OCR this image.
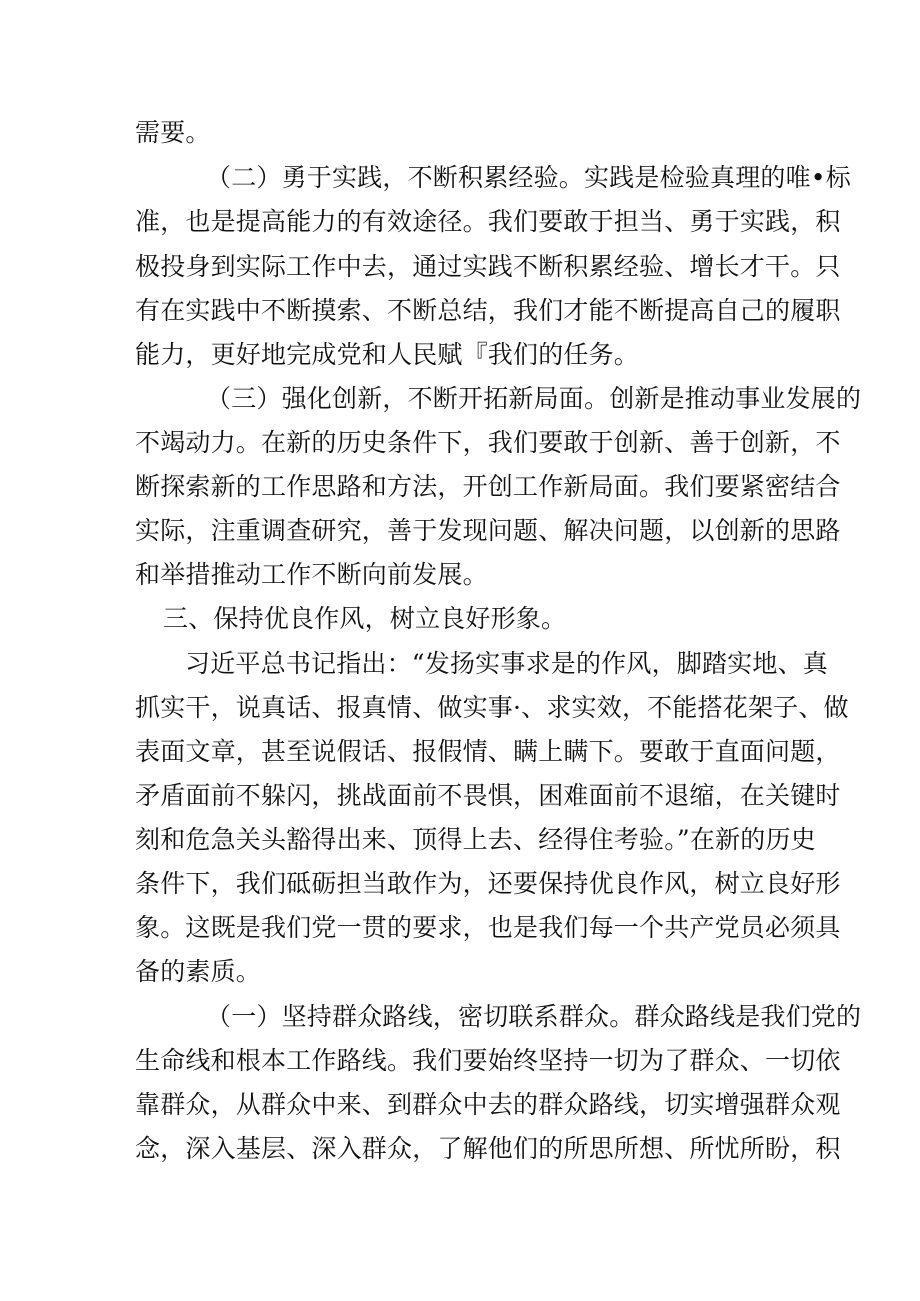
需要。

（二）勇于实践，不断积累经验。实践是检验真理的唯•标

准，也是提高能力的有效途径。我们要敢于担当、勇于实践，积

极投身到实际工作中去，通过实践不断积累经验、增长才干。只

有在实践中不断摸索、不断总结，我们才能不断提高自己的履职

能力，更好地完成党和人民赋『我们的任务。

（三）强化创新，不断开拓新局面。创新是推动事业发展的

不竭动力。在新的历史条件下，我们要敢于创新、善于创新，不

断探索新的工作思路和方法，开创工作新局面。我们要紧密结合

实际，注重调查研究，善于发现问题、解决问题，以创新的思路

和举措推动工作不断向前发展。

三、保持优良作风，树立良好形象。

习近平总书记指出：“发扬实事求是的作风，脚踏实地、真

抓实干，说真话、报真情、做实事·、求实效，不能搭花架子、做

表面文章，甚至说假话、报假情、瞒上瞒下。要敢于直面问题，

矛盾面前不躲闪，挑战面前不畏惧，困难面前不退缩，在关键时

刻和危急关头豁得出来、顶得上去、经得住考验。”在新的历史

条件下，我们砥砺担当敢作为，还要保持优良作风，树立良好形

象。这既是我们党一贯的要求，也是我们每一个共产党员必须具

备的素质。

（一）坚持群众路线，密切联系群众。群众路线是我们党的

生命线和根本工作路线。我们要始终坚持一切为了群众、一切依

靠群众，从群众中来、到群众中去的群众路线，切实增强群众观

念，深入基层、深入群众，了解他们的所思所想、所忧所盼，积
